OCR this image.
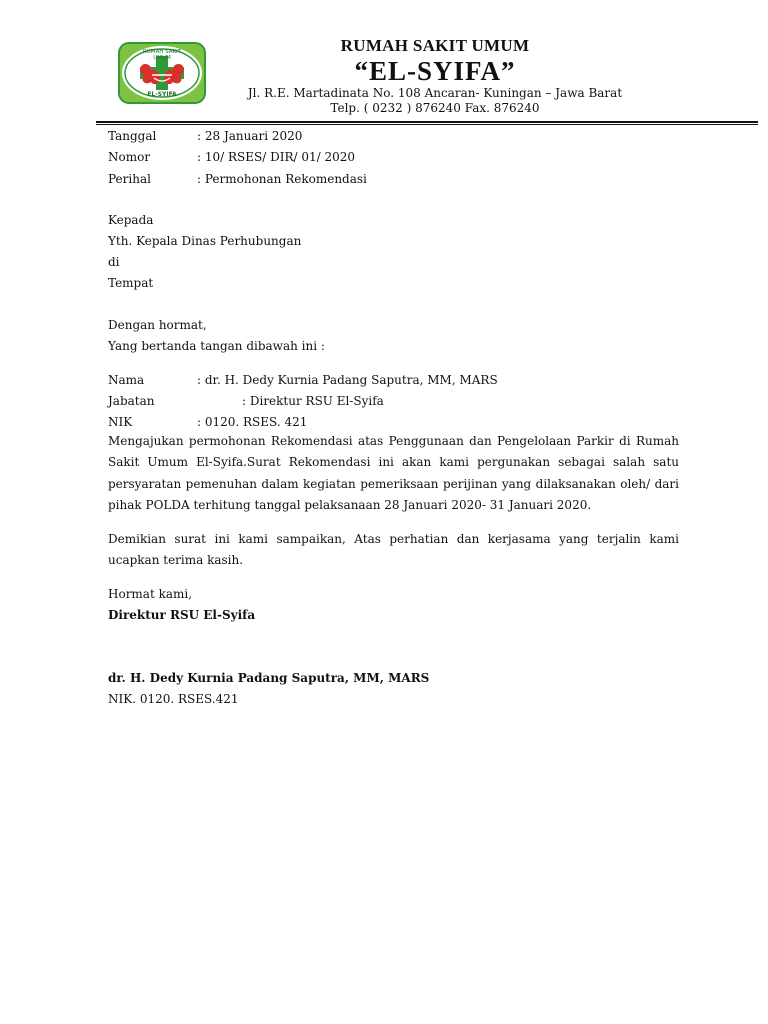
RUMAH SAKIT UMUM
EL-SYIFA
RUMAH SAKIT UMUM
“EL-SYIFA”
Jl. R.E. Martadinata No. 108 Ancaran- Kuningan – Jawa Barat
Telp. ( 0232 ) 876240 Fax. 876240
Tanggal	: 28 Januari 2020
Nomor	: 10/ RSES/ DIR/ 01/ 2020
Perihal	: Permohonan Rekomendasi
Kepada
Yth. Kepala Dinas Perhubungan
di
Tempat
Dengan hormat,
Yang bertanda tangan dibawah ini :
Nama	: dr. H. Dedy Kurnia Padang Saputra, MM, MARS
Jabatan	: Direktur RSU El-Syifa
NIK	: 0120. RSES. 421
Mengajukan permohonan Rekomendasi atas Penggunaan dan Pengelolaan Parkir di Rumah Sakit Umum El-Syifa.Surat Rekomendasi ini akan kami pergunakan sebagai salah satu persyaratan pemenuhan dalam kegiatan pemeriksaan perijinan yang dilaksanakan oleh/ dari pihak POLDA terhitung tanggal pelaksanaan 28 Januari 2020- 31 Januari 2020.
Demikian surat ini kami sampaikan, Atas perhatian dan kerjasama yang terjalin kami ucapkan terima kasih.
Hormat kami,
Direktur RSU El-Syifa
dr. H. Dedy Kurnia Padang Saputra, MM, MARS
NIK. 0120. RSES.421
